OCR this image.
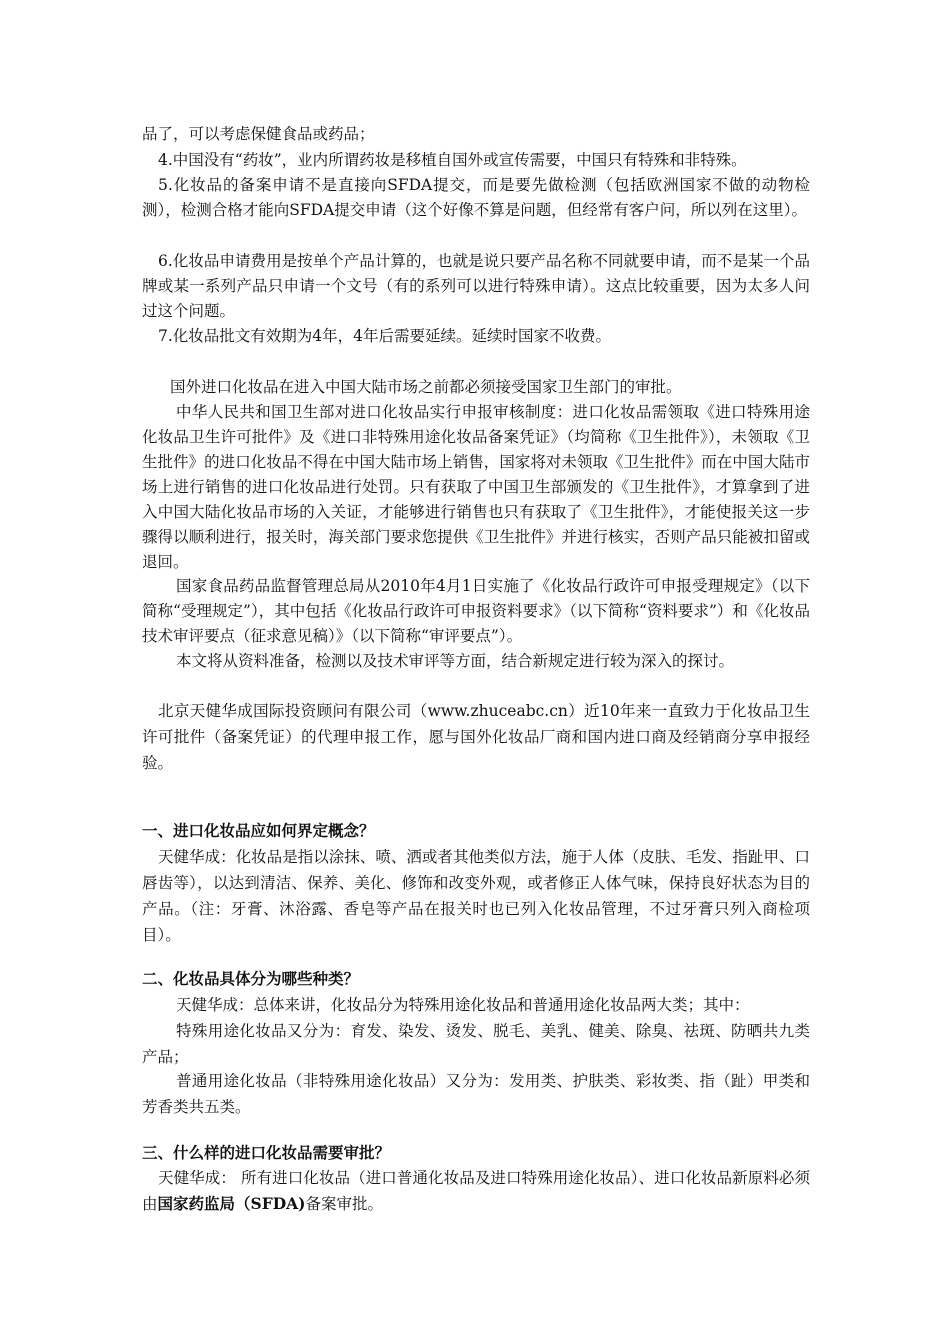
品了，可以考虑保健食品或药品；

4.中国没有“药妆”，业内所谓药妆是移植自国外或宣传需要，中国只有特殊和非特殊。

5.化妆品的备案申请不是直接向SFDA提交，而是要先做检测（包括欧洲国家不做的动物检测），检测合格才能向SFDA提交申请（这个好像不算是问题，但经常有客户问，所以列在这里）。

6.化妆品申请费用是按单个产品计算的，也就是说只要产品名称不同就要申请，而不是某一个品牌或某一系列产品只申请一个文号（有的系列可以进行特殊申请）。这点比较重要，因为太多人问过这个问题。

7.化妆品批文有效期为4年，4年后需要延续。延续时国家不收费。

国外进口化妆品在进入中国大陆市场之前都必须接受国家卫生部门的审批。

中华人民共和国卫生部对进口化妆品实行申报审核制度：进口化妆品需领取《进口特殊用途化妆品卫生许可批件》及《进口非特殊用途化妆品备案凭证》（均简称《卫生批件》），未领取《卫生批件》的进口化妆品不得在中国大陆市场上销售，国家将对未领取《卫生批件》而在中国大陆市场上进行销售的进口化妆品进行处罚。只有获取了中国卫生部颁发的《卫生批件》，才算拿到了进入中国大陆化妆品市场的入关证，才能够进行销售也只有获取了《卫生批件》，才能使报关这一步骤得以顺利进行，报关时，海关部门要求您提供《卫生批件》并进行核实，否则产品只能被扣留或退回。

国家食品药品监督管理总局从2010年4月1日实施了《化妆品行政许可申报受理规定》（以下简称“受理规定”），其中包括《化妆品行政许可申报资料要求》（以下简称“资料要求”）和《化妆品技术审评要点（征求意见稿）》（以下简称“审评要点”）。

本文将从资料准备，检测以及技术审评等方面，结合新规定进行较为深入的探讨。

北京天健华成国际投资顾问有限公司（www.zhuceabc.cn）近10年来一直致力于化妆品卫生许可批件（备案凭证）的代理申报工作，愿与国外化妆品厂商和国内进口商及经销商分享申报经验。

一、进口化妆品应如何界定概念？

天健华成：化妆品是指以涂抹、喷、洒或者其他类似方法，施于人体（皮肤、毛发、指趾甲、口唇齿等），以达到清洁、保养、美化、修饰和改变外观，或者修正人体气味，保持良好状态为目的产品。（注：牙膏、沐浴露、香皂等产品在报关时也已列入化妆品管理，不过牙膏只列入商检项目）。

二、化妆品具体分为哪些种类？

天健华成：总体来讲，化妆品分为特殊用途化妆品和普通用途化妆品两大类；其中：

特殊用途化妆品又分为：育发、染发、烫发、脱毛、美乳、健美、除臭、祛斑、防晒共九类产品；

普通用途化妆品（非特殊用途化妆品）又分为：发用类、护肤类、彩妆类、指（趾）甲类和芳香类共五类。

三、什么样的进口化妆品需要审批？

天健华成： 所有进口化妆品（进口普通化妆品及进口特殊用途化妆品）、进口化妆品新原料必须由国家药监局（SFDA)备案审批。
